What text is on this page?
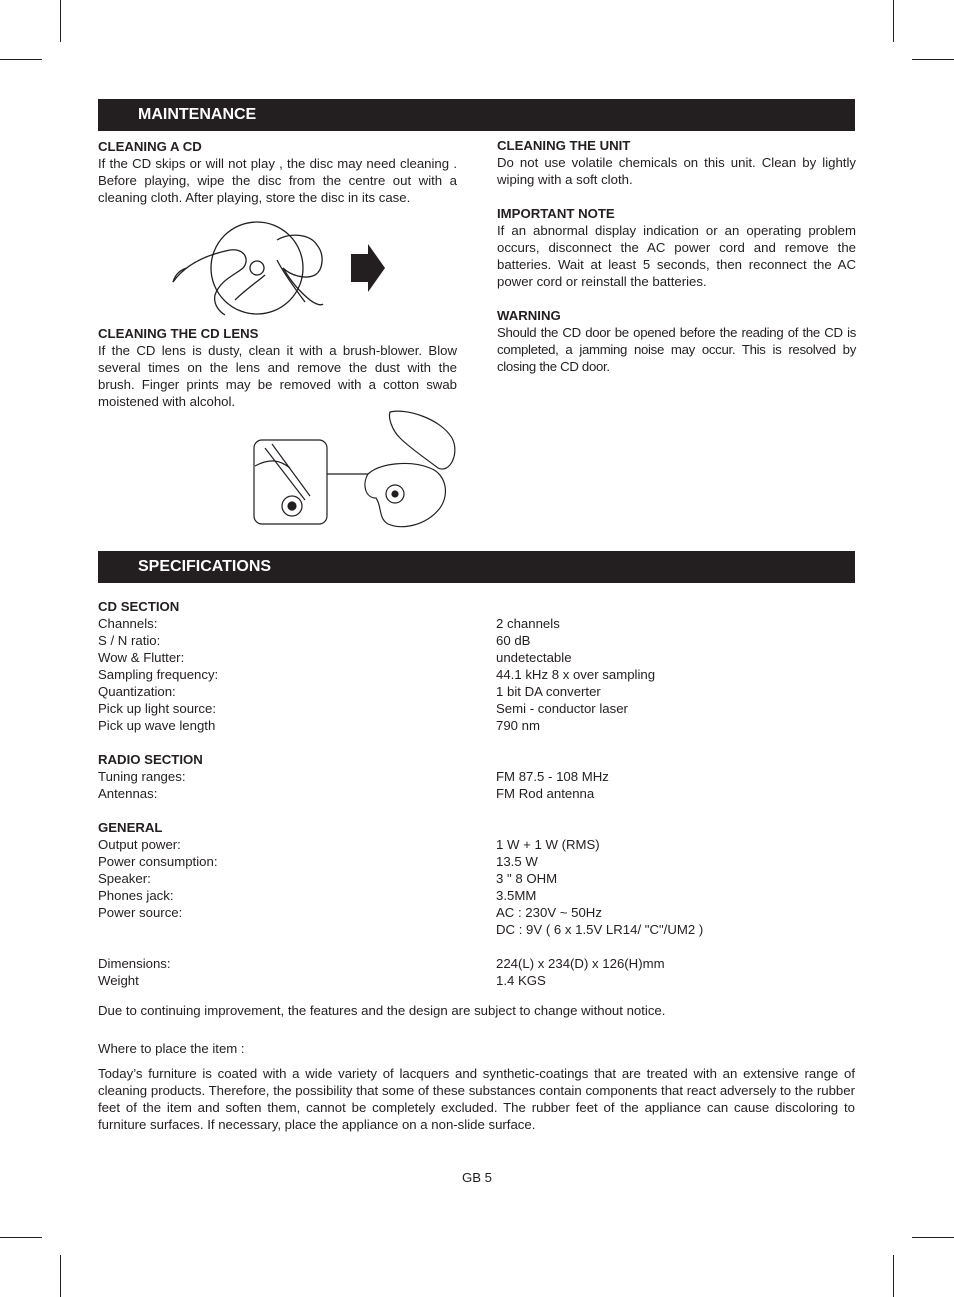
MAINTENANCE
CLEANING A CD

If the CD skips or will not play , the disc may need cleaning . Before playing, wipe the disc from the centre out with a cleaning cloth. After playing, store the disc in its case.

CLEANING THE CD LENS

If the CD lens is dusty, clean it with a brush-blower. Blow several times on the lens and remove the dust with the brush. Finger prints may be removed with a cotton swab moistened with alcohol.

CLEANING THE UNIT

Do not use volatile chemicals on this unit. Clean by lightly wiping with a soft cloth.

IMPORTANT NOTE

If an abnormal display indication or an operating problem occurs, disconnect the AC power cord and remove the batteries. Wait at least 5 seconds, then reconnect the AC power cord or reinstall the batteries.

WARNING

Should the CD door be opened before the reading of the CD is completed, a jamming noise may occur. This is resolved by closing the CD door.

SPECIFICATIONS
CD SECTION
Channels:	2 channels
S / N ratio:	60 dB
Wow & Flutter:	undetectable
Sampling frequency:	44.1 kHz 8 x over sampling
Quantization:	1 bit DA converter
Pick up light source:	Semi - conductor laser
Pick up wave length	790 nm
RADIO SECTION
Tuning ranges:	FM 87.5 - 108 MHz
Antennas:	FM Rod antenna
GENERAL
Output power:	1 W + 1 W (RMS)
Power consumption:	13.5 W
Speaker:	3 " 8 OHM
Phones jack:	3.5MM
Power source:	AC : 230V ~ 50Hz
DC : 9V ( 6 x 1.5V LR14/ "C"/UM2 )
Dimensions:	224(L) x 234(D) x 126(H)mm
Weight	1.4 KGS
Due to continuing improvement, the features and the design are subject to change without notice.
Where to place the item :
Today’s furniture is coated with a wide variety of lacquers and synthetic-coatings that are treated with an extensive range of cleaning products. Therefore, the possibility that some of these substances contain components that react adversely to the rubber feet of the item and soften them, cannot be completely excluded. The rubber feet of the appliance can cause discoloring to furniture surfaces. If necessary, place the appliance on a non-slide surface.
GB 5
